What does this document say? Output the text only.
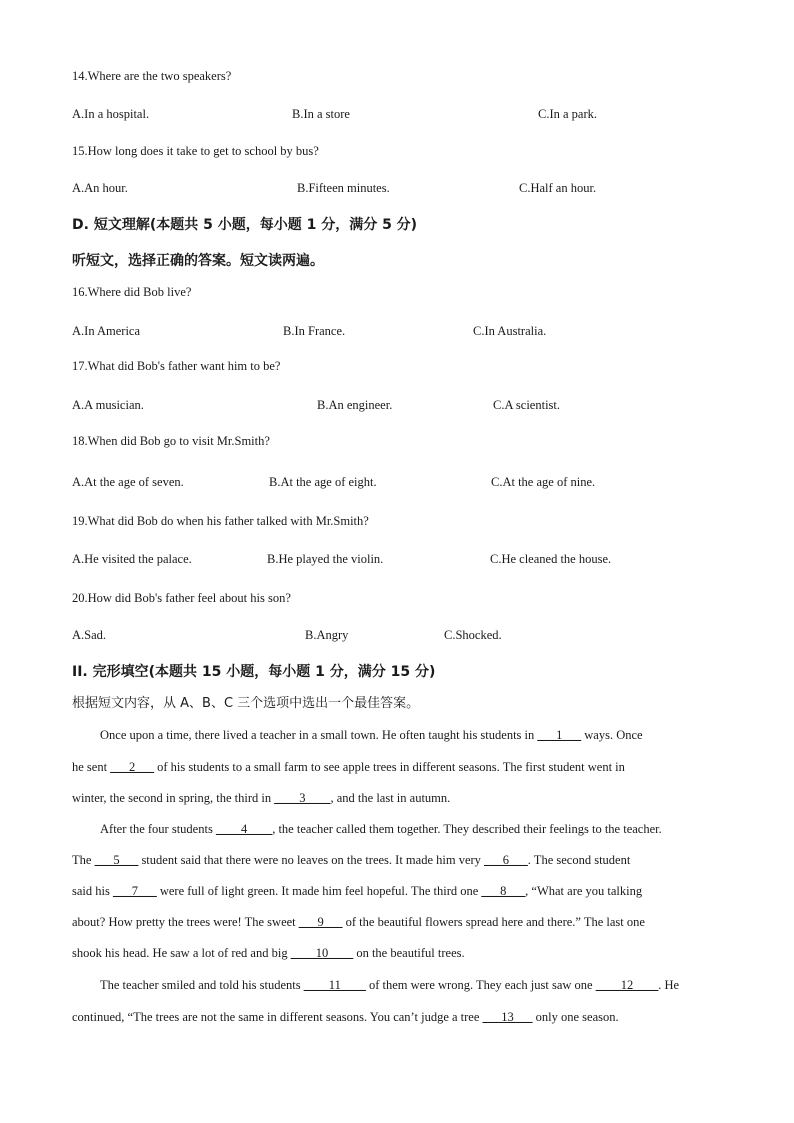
14.Where are the two speakers?
A.In a hospital.	B.In a store	C.In a park.
15.How long does it take to get to school by bus?
A.An hour.	B.Fifteen minutes.	C.Half an hour.
D. 短文理解(本题共 5 小题，每小题 1 分，满分 5 分)
听短文，选择正确的答案。短文读两遍。
16.Where did Bob live?
A.In America	B.In France.	C.In Australia.
17.What did Bob's father want him to be?
A.A musician.	B.An engineer.	C.A scientist.
18.When did Bob go to visit Mr.Smith?
A.At the age of seven.	B.At the age of eight.	C.At the age of nine.
19.What did Bob do when his father talked with Mr.Smith?
A.He visited the palace.	B.He played the violin.	C.He cleaned the house.
20.How did Bob's father feel about his son?
A.Sad.	B.Angry	C.Shocked.
II. 完形填空(本题共 15 小题，每小题 1 分，满分 15 分)
根据短文内容，从 A、B、C 三个选项中选出一个最佳答案。
Once upon a time, there lived a teacher in a small town. He often taught his students in ___1___ ways. Once
he sent ___2___ of his students to a small farm to see apple trees in different seasons. The first student went in
winter, the second in spring, the third in ____3____, and the last in autumn.
After the four students ____4____, the teacher called them together. They described their feelings to the teacher.
The ___5___ student said that there were no leaves on the trees. It made him very ___6___. The second student
said his ___7___ were full of light green. It made him feel hopeful. The third one ___8___, “What are you talking
about? How pretty the trees were! The sweet ___9___ of the beautiful flowers spread here and there.” The last one
shook his head. He saw a lot of red and big ____10____ on the beautiful trees.
The teacher smiled and told his students ____11____ of them were wrong. They each just saw one ____12____. He
continued, “The trees are not the same in different seasons. You can’t judge a tree ___13___ only one season.
